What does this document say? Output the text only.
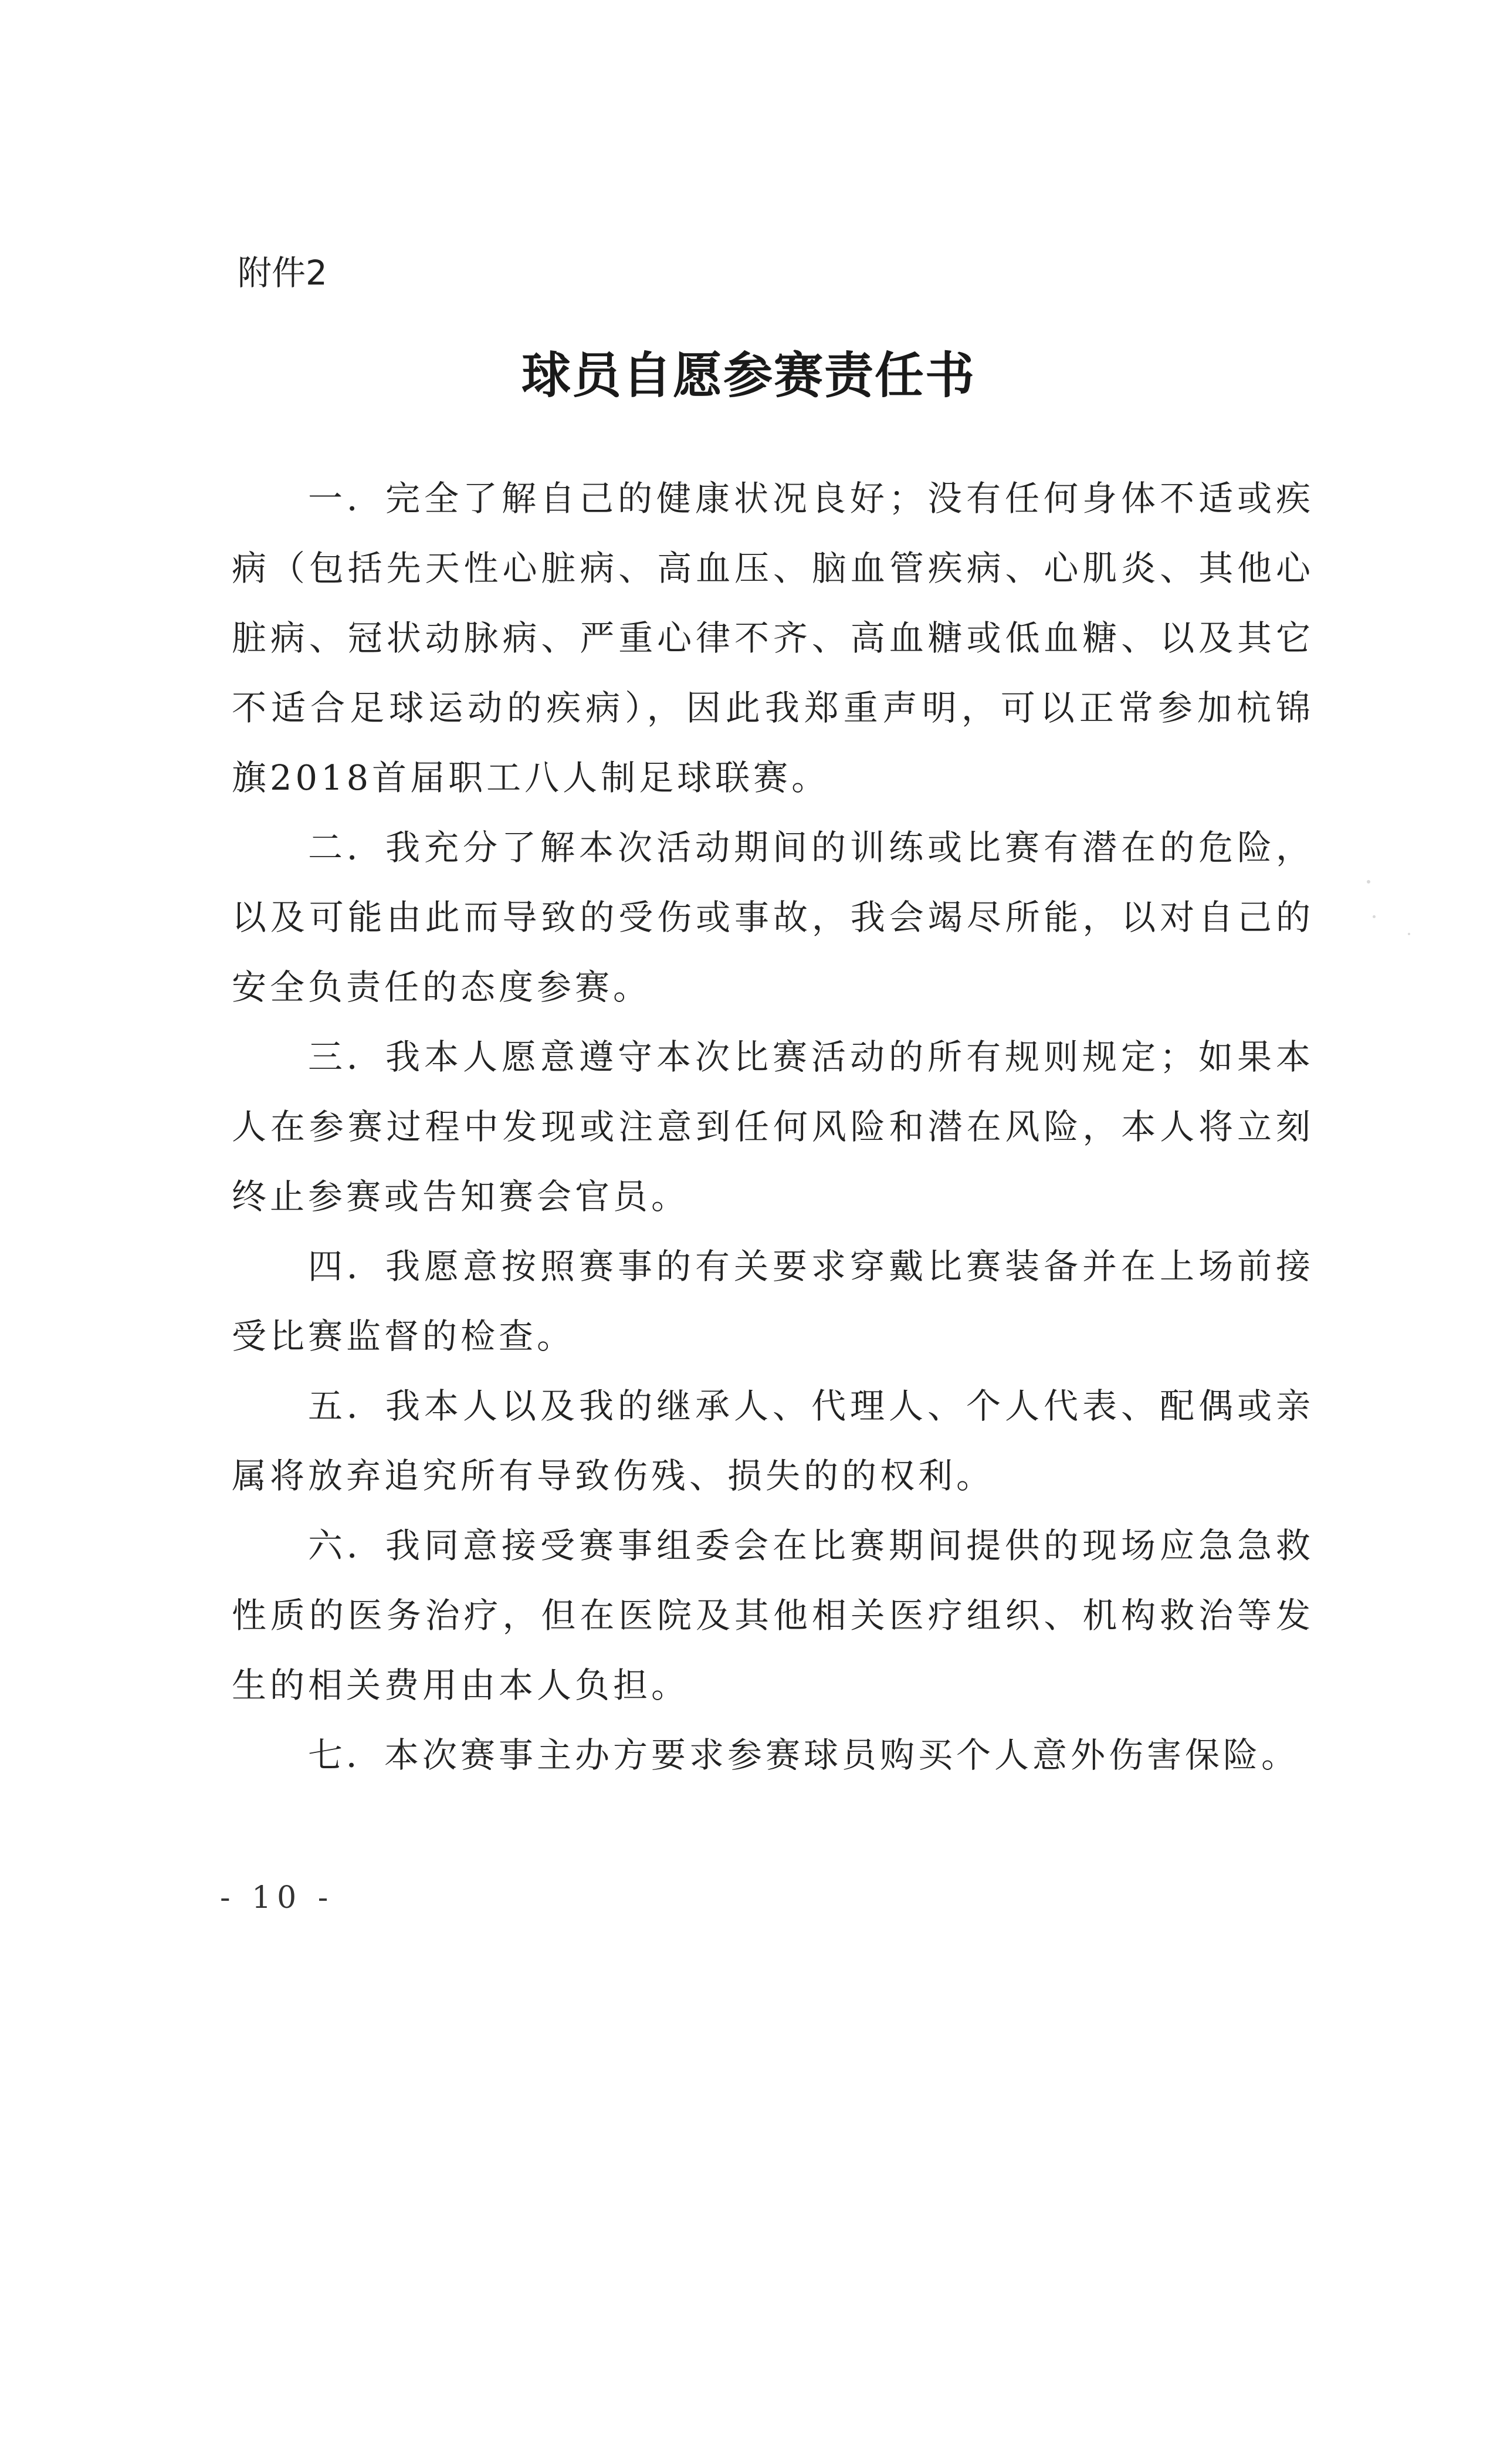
附件2
球员自愿参赛责任书

一．完全了解自己的健康状况良好；没有任何身体不适或疾病（包括先天性心脏病、高血压、脑血管疾病、心肌炎、其他心脏病、冠状动脉病、严重心律不齐、高血糖或低血糖、以及其它不适合足球运动的疾病），因此我郑重声明，可以正常参加杭锦旗2018首届职工八人制足球联赛。

二．我充分了解本次活动期间的训练或比赛有潜在的危险，以及可能由此而导致的受伤或事故，我会竭尽所能，以对自己的安全负责任的态度参赛。

三．我本人愿意遵守本次比赛活动的所有规则规定；如果本人在参赛过程中发现或注意到任何风险和潜在风险，本人将立刻终止参赛或告知赛会官员。

四．我愿意按照赛事的有关要求穿戴比赛装备并在上场前接受比赛监督的检查。

五．我本人以及我的继承人、代理人、个人代表、配偶或亲属将放弃追究所有导致伤残、损失的的权利。

六．我同意接受赛事组委会在比赛期间提供的现场应急急救性质的医务治疗，但在医院及其他相关医疗组织、机构救治等发生的相关费用由本人负担。

七．本次赛事主办方要求参赛球员购买个人意外伤害保险。

- 10 -
